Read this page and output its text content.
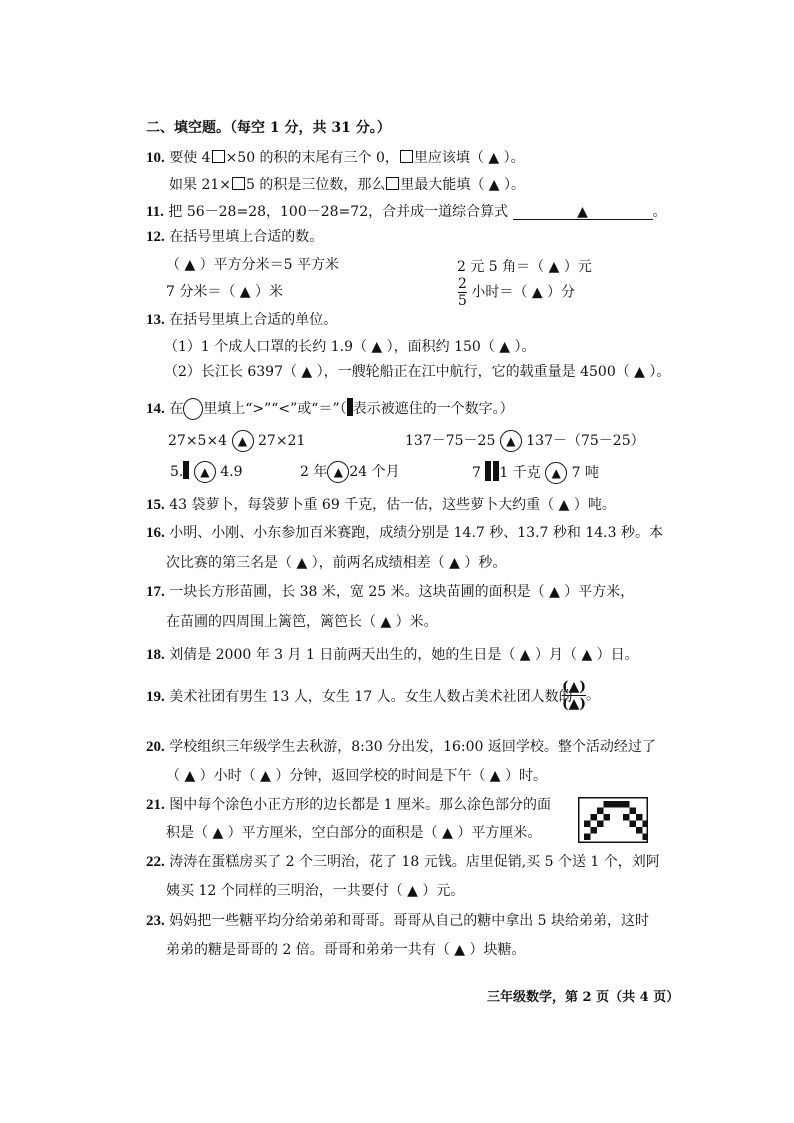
二、填空题。（每空 1 分，共 31 分。）
10. 要使 4 ×50 的积的末尾有三个 0， 里应该填（ ▲ ）。
如果 21× 5 的积是三位数，那么 里最大能填（ ▲ ）。
11. 把 56－28=28，100－28=72，合并成一道综合算式	▲	。
12. 在括号里填上合适的数。
（ ▲ ）平方分米＝5 平方米	2 元 5 角＝（ ▲ ）元
7 分米＝（ ▲ ）米	$\frac{2}{5}$ 小时＝（ ▲ ）分
13. 在括号里填上合适的单位。
（1）1 个成人口罩的长约 1.9（ ▲ ），面积约 150（ ▲ ）。
（2）长江长 6397（ ▲ ），一艘轮船正在江中航行，它的载重量是 4500（ ▲ ）。
14. 在 里填上“>”“<”或“＝”（ 表示被遮住的一个数字。）
27×5×4 ▲ 27×21	137－75－25 ▲ 137－（75－25）
5. ▲ 4.9	2 年 ▲ 24 个月	7 1 千克 ▲ 7 吨
15. 43 袋萝卜，每袋萝卜重 69 千克，估一估，这些萝卜大约重（ ▲ ）吨。
16. 小明、小刚、小东参加百米赛跑，成绩分别是 14.7 秒、13.7 秒和 14.3 秒。本
次比赛的第三名是（ ▲ ），前两名成绩相差（ ▲ ）秒。
17. 一块长方形苗圃，长 38 米，宽 25 米。这块苗圃的面积是（ ▲ ）平方米，
在苗圃的四周围上篱笆，篱笆长（ ▲ ）米。
18. 刘倩是 2000 年 3 月 1 日前两天出生的，她的生日是（ ▲ ）月（ ▲ ）日。
19. 美术社团有男生 13 人，女生 17 人。女生人数占美术社团人数的
$\frac{(▲)}{(▲)}$ 。
20. 学校组织三年级学生去秋游，8:30 分出发，16:00 返回学校。整个活动经过了
（ ▲ ）小时（ ▲ ）分钟，返回学校的时间是下午（ ▲ ）时。
21. 图中每个涂色小正方形的边长都是 1 厘米。那么涂色部分的面
积是（ ▲ ）平方厘米，空白部分的面积是（ ▲ ）平方厘米。
22. 涛涛在蛋糕房买了 2 个三明治，花了 18 元钱。店里促销,买 5 个送 1 个，刘阿
姨买 12 个同样的三明治，一共要付（ ▲ ）元。
23. 妈妈把一些糖平均分给弟弟和哥哥。哥哥从自己的糖中拿出 5 块给弟弟，这时
弟弟的糖是哥哥的 2 倍。哥哥和弟弟一共有（ ▲ ）块糖。
三年级数学，第 2 页（共 4 页）
